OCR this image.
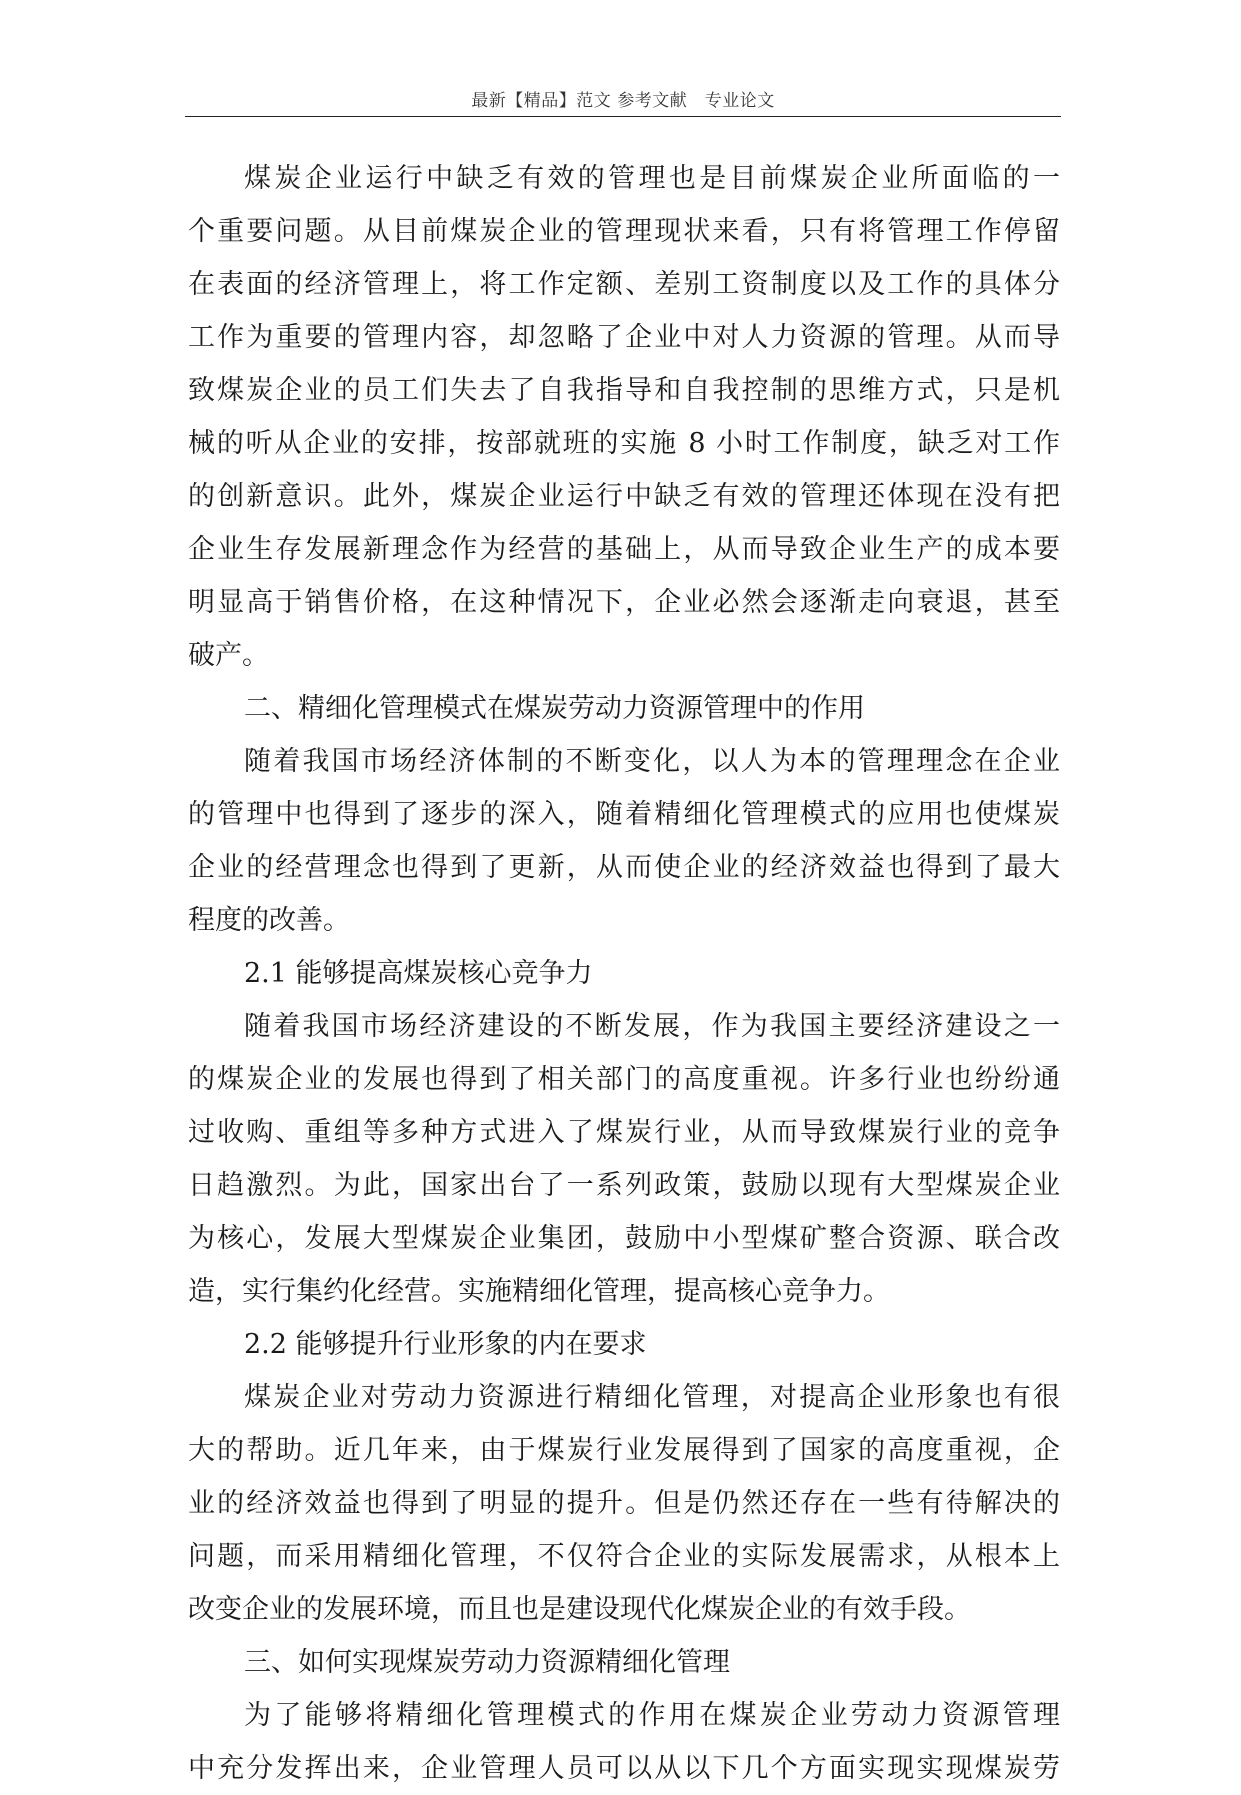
最新【精品】范文 参考文献　专业论文
煤炭企业运行中缺乏有效的管理也是目前煤炭企业所面临的一
个重要问题。从目前煤炭企业的管理现状来看，只有将管理工作停留
在表面的经济管理上，将工作定额、差别工资制度以及工作的具体分
工作为重要的管理内容，却忽略了企业中对人力资源的管理。从而导
致煤炭企业的员工们失去了自我指导和自我控制的思维方式，只是机
械的听从企业的安排，按部就班的实施 8 小时工作制度，缺乏对工作
的创新意识。此外，煤炭企业运行中缺乏有效的管理还体现在没有把
企业生存发展新理念作为经营的基础上，从而导致企业生产的成本要
明显高于销售价格，在这种情况下，企业必然会逐渐走向衰退，甚至
破产。
二、精细化管理模式在煤炭劳动力资源管理中的作用
随着我国市场经济体制的不断变化，以人为本的管理理念在企业
的管理中也得到了逐步的深入，随着精细化管理模式的应用也使煤炭
企业的经营理念也得到了更新，从而使企业的经济效益也得到了最大
程度的改善。
2.1 能够提高煤炭核心竞争力
随着我国市场经济建设的不断发展，作为我国主要经济建设之一
的煤炭企业的发展也得到了相关部门的高度重视。许多行业也纷纷通
过收购、重组等多种方式进入了煤炭行业，从而导致煤炭行业的竞争
日趋激烈。为此，国家出台了一系列政策，鼓励以现有大型煤炭企业
为核心，发展大型煤炭企业集团，鼓励中小型煤矿整合资源、联合改
造，实行集约化经营。实施精细化管理，提高核心竞争力。
2.2 能够提升行业形象的内在要求
煤炭企业对劳动力资源进行精细化管理，对提高企业形象也有很
大的帮助。近几年来，由于煤炭行业发展得到了国家的高度重视，企
业的经济效益也得到了明显的提升。但是仍然还存在一些有待解决的
问题，而采用精细化管理，不仅符合企业的实际发展需求，从根本上
改变企业的发展环境，而且也是建设现代化煤炭企业的有效手段。
三、如何实现煤炭劳动力资源精细化管理
为了能够将精细化管理模式的作用在煤炭企业劳动力资源管理
中充分发挥出来，企业管理人员可以从以下几个方面实现实现煤炭劳
